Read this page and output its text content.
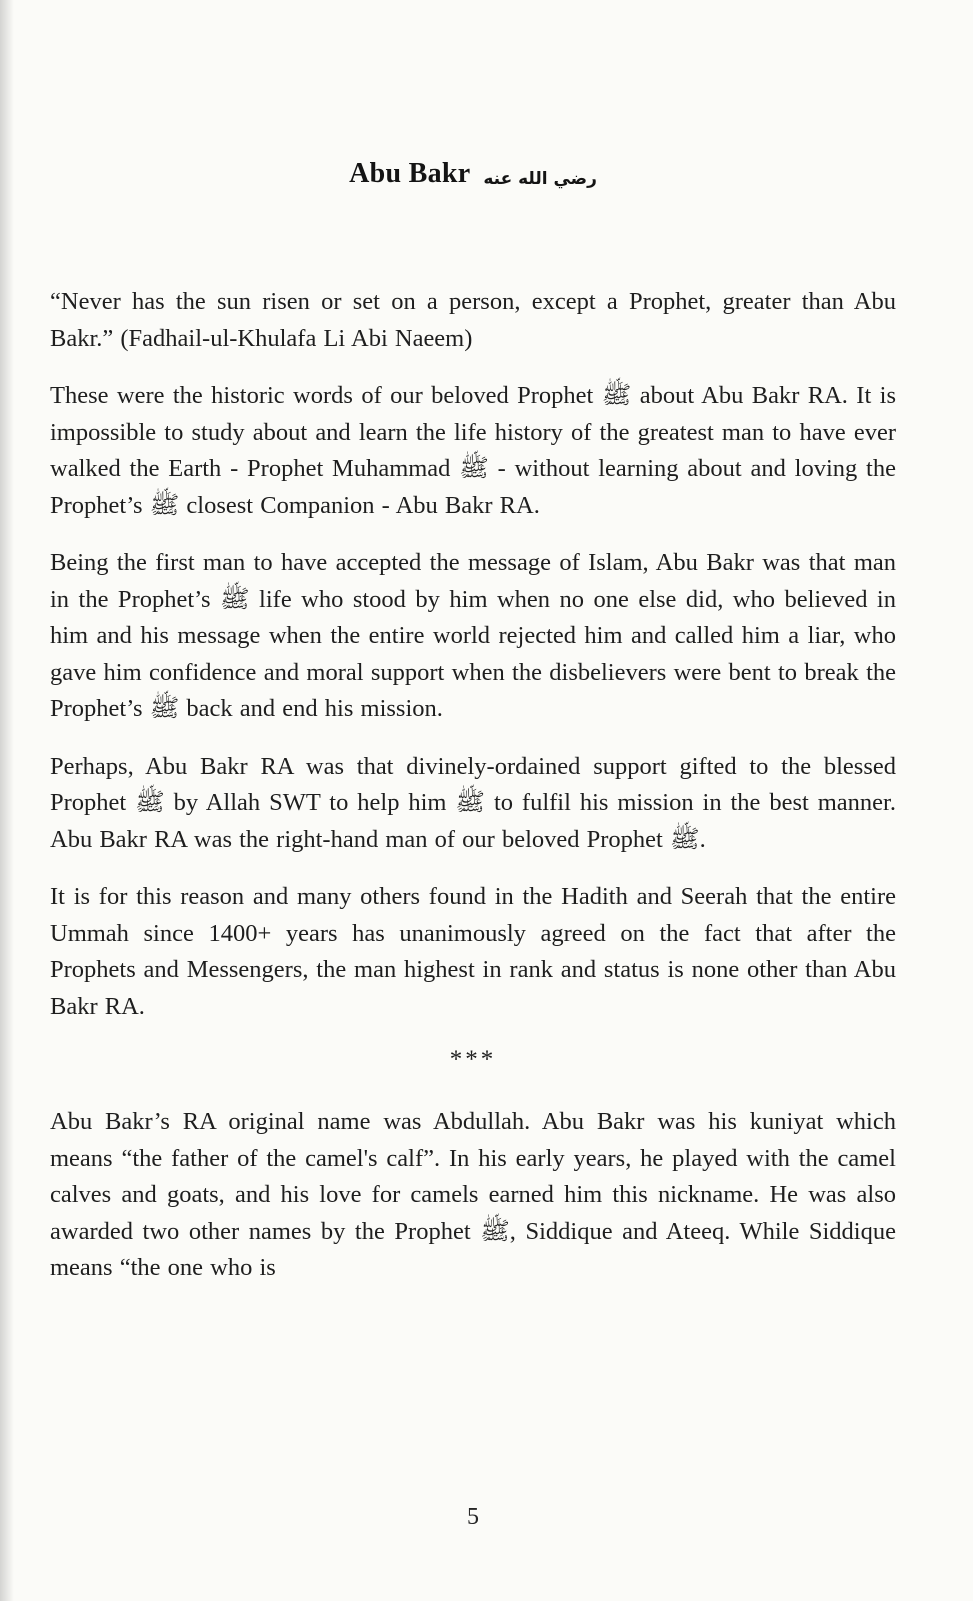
Abu Bakr رضي الله عنه

“Never has the sun risen or set on a person, except a Prophet, greater than Abu Bakr.” (Fadhail-ul-Khulafa Li Abi Naeem)

These were the historic words of our beloved Prophet ﷺ about Abu Bakr RA. It is impossible to study about and learn the life history of the greatest man to have ever walked the Earth - Prophet Muhammad ﷺ - without learning about and loving the Prophet’s ﷺ closest Companion - Abu Bakr RA.

Being the first man to have accepted the message of Islam, Abu Bakr was that man in the Prophet’s ﷺ life who stood by him when no one else did, who believed in him and his message when the entire world rejected him and called him a liar, who gave him confidence and moral support when the disbelievers were bent to break the Prophet’s ﷺ back and end his mission.

Perhaps, Abu Bakr RA was that divinely-ordained support gifted to the blessed Prophet ﷺ by Allah SWT to help him ﷺ to fulfil his mission in the best manner. Abu Bakr RA was the right-hand man of our beloved Prophet ﷺ.

It is for this reason and many others found in the Hadith and Seerah that the entire Ummah since 1400+ years has unanimously agreed on the fact that after the Prophets and Messengers, the man highest in rank and status is none other than Abu Bakr RA.

***

Abu Bakr’s RA original name was Abdullah. Abu Bakr was his kuniyat which means “the father of the camel's calf”. In his early years, he played with the camel calves and goats, and his love for camels earned him this nickname. He was also awarded two other names by the Prophet ﷺ, Siddique and Ateeq. While Siddique means “the one who is

5
